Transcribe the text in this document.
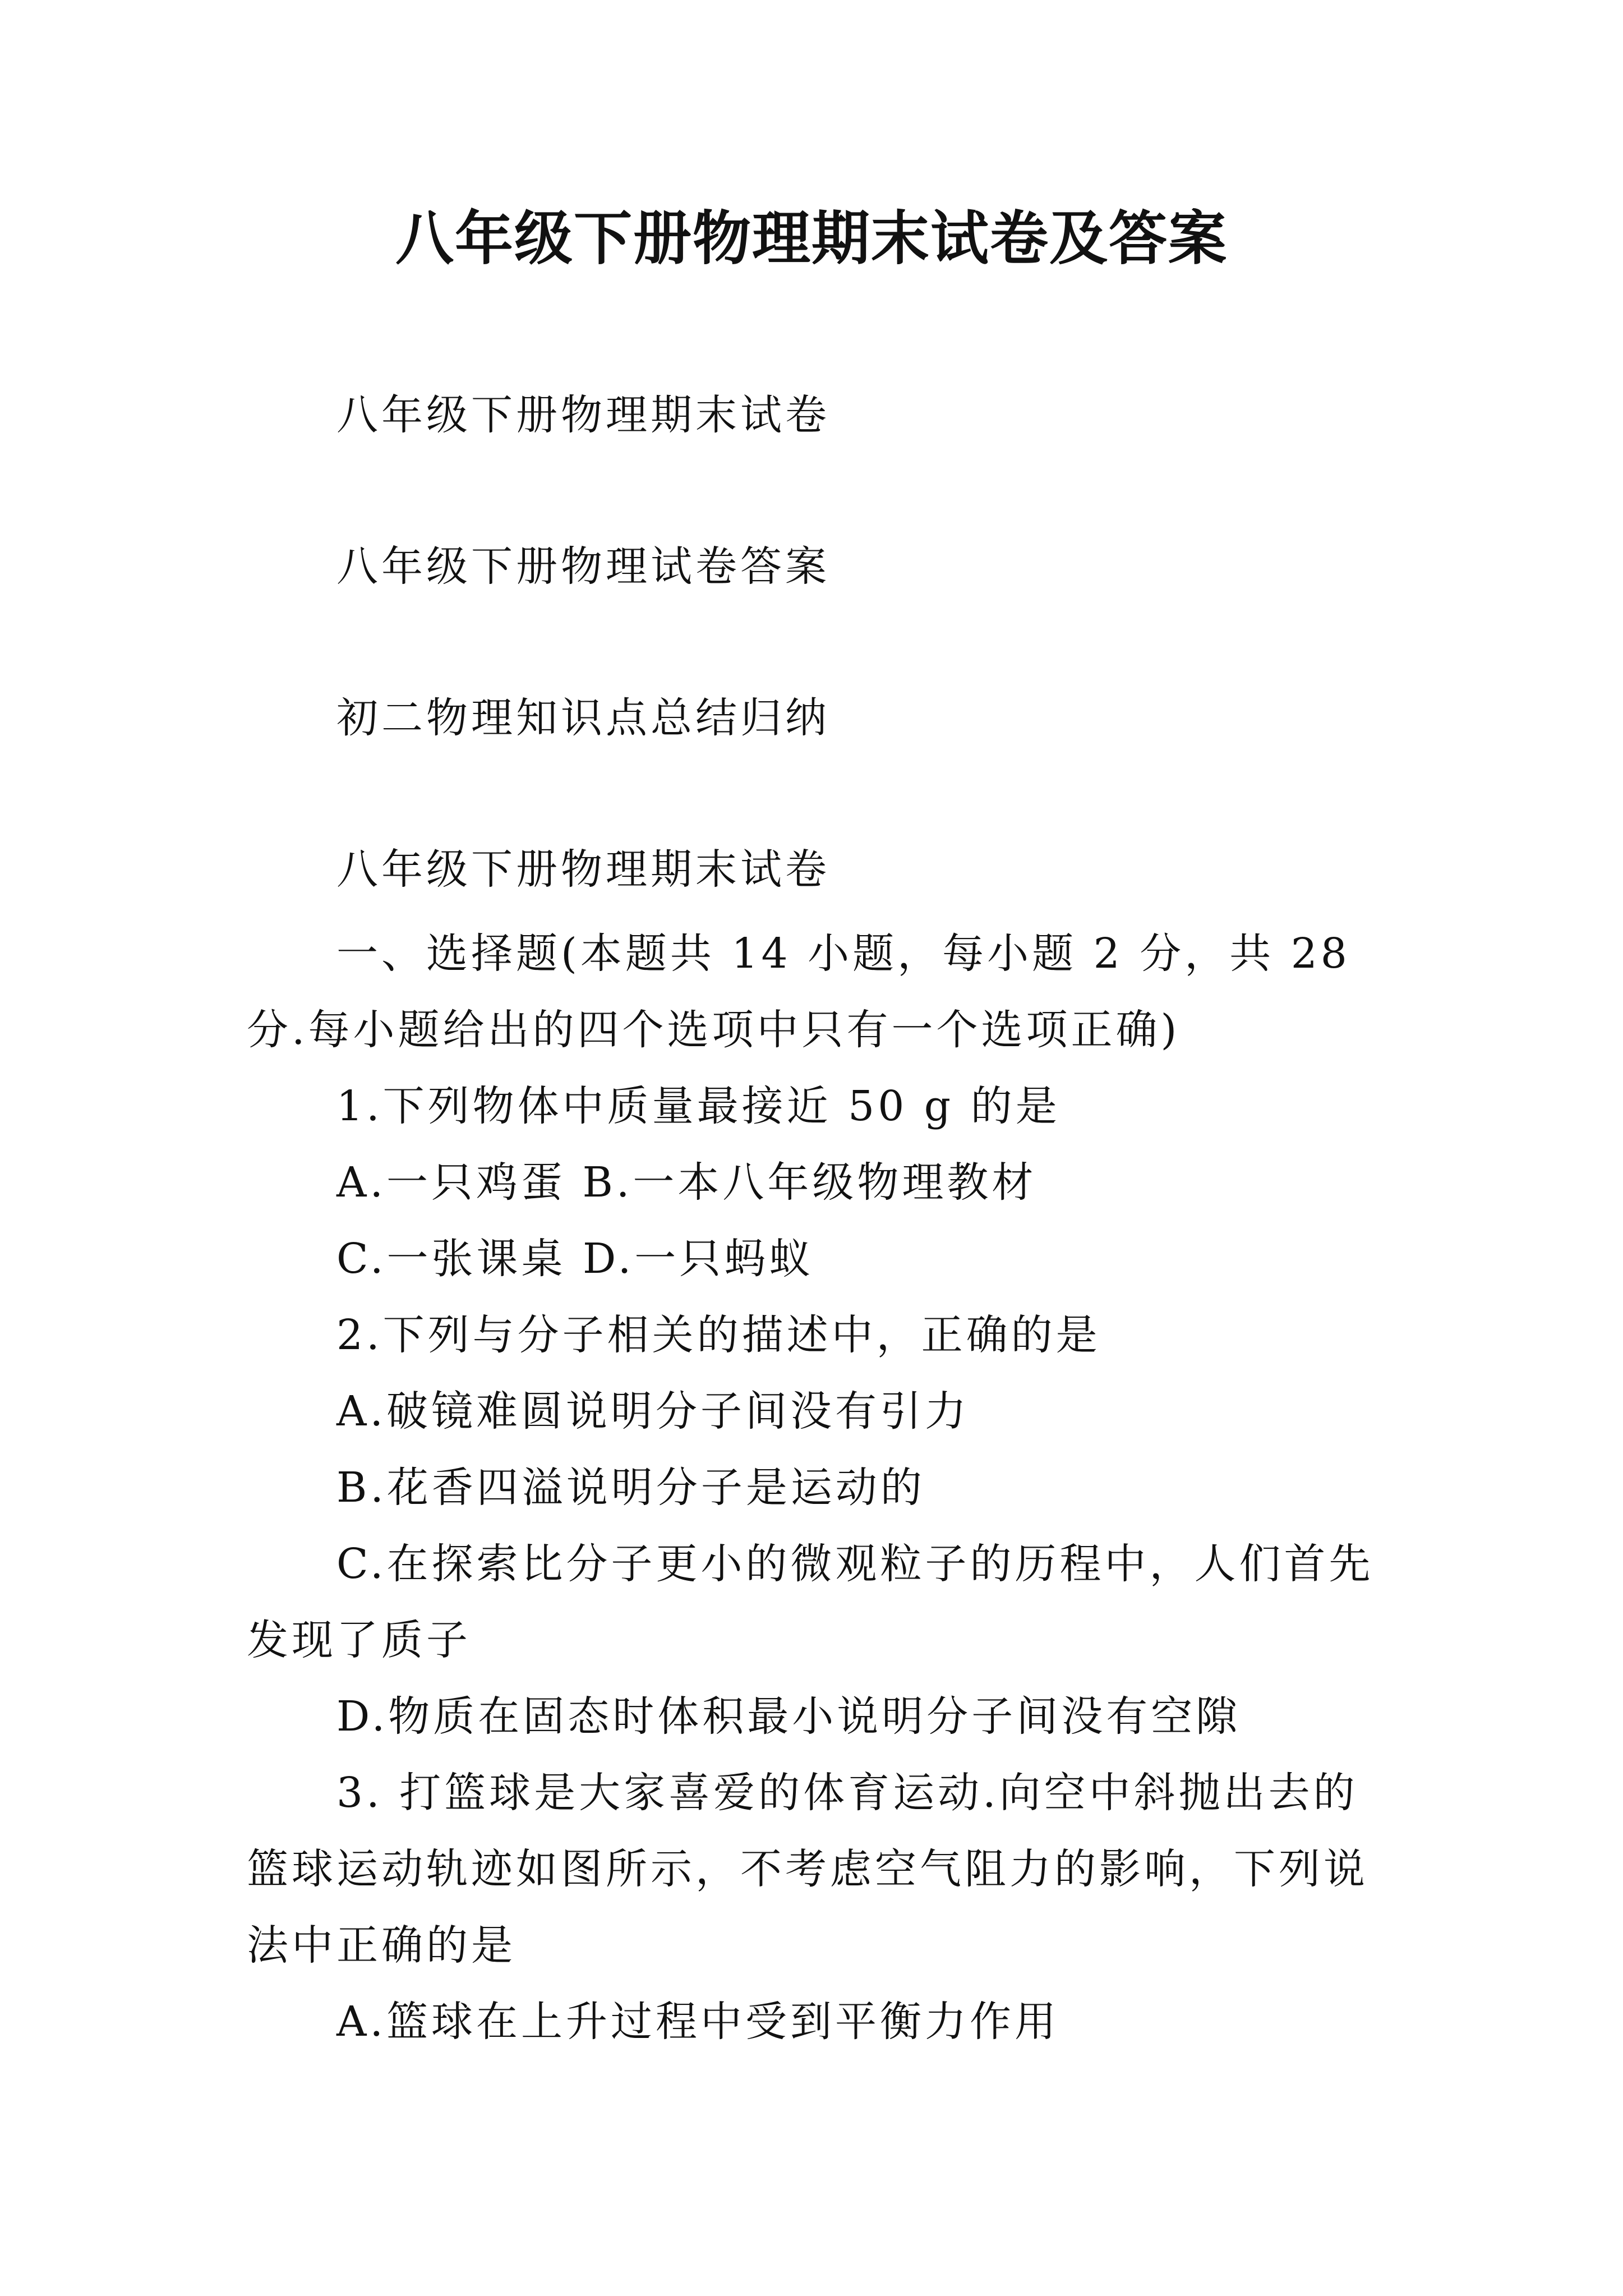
八年级下册物理期末试卷及答案
八年级下册物理期末试卷
八年级下册物理试卷答案
初二物理知识点总结归纳
八年级下册物理期末试卷
一、选择题(本题共 14 小题，每小题 2 分，共 28 分.每小题给出的四个选项中只有一个选项正确)
1.下列物体中质量最接近 50 g 的是
A.一只鸡蛋 B.一本八年级物理教材
C.一张课桌 D.一只蚂蚁
2.下列与分子相关的描述中，正确的是
A.破镜难圆说明分子间没有引力
B.花香四溢说明分子是运动的
C.在探索比分子更小的微观粒子的历程中，人们首先发现了质子
D.物质在固态时体积最小说明分子间没有空隙
3. 打篮球是大家喜爱的体育运动.向空中斜抛出去的篮球运动轨迹如图所示，不考虑空气阻力的影响，下列说法中正确的是
A.篮球在上升过程中受到平衡力作用
